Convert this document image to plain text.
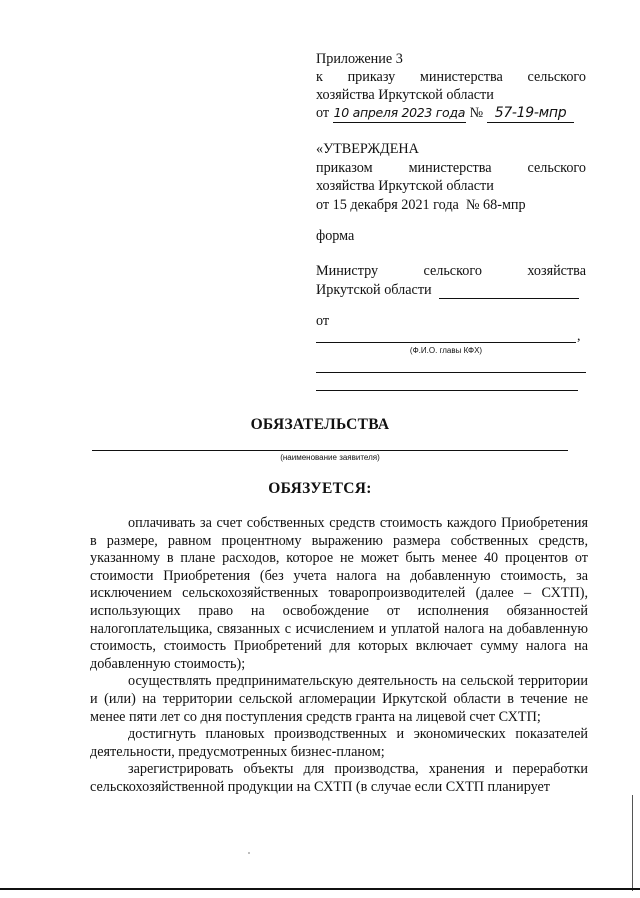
Приложение 3

к приказу министерства сельского

хозяйства Иркутской области

от 10 апреля 2023 года № 57-19-мпр

«УТВЕРЖДЕНА

приказом	министерства	сельского

хозяйства Иркутской области

от 15 декабря 2021 года  № 68-мпр

форма

Министру	сельского	хозяйства

Иркутской области

от
,
(Ф.И.О. главы КФХ)
ОБЯЗАТЕЛЬСТВА
(наименование заявителя)
ОБЯЗУЕТСЯ:

оплачивать за счет собственных средств стоимость каждого Приобретения в размере, равном процентному выражению размера собственных средств, указанному в плане расходов, которое не может быть менее 40 процентов от стоимости Приобретения (без учета налога на добавленную стоимость, за исключением сельскохозяйственных товаропроизводителей (далее – СХТП), использующих право на освобождение от исполнения обязанностей налогоплательщика, связанных с исчислением и уплатой налога на добавленную стоимость, стоимость Приобретений для которых включает сумму налога на добавленную стоимость);

осуществлять предпринимательскую деятельность на сельской территории и (или) на территории сельской агломерации Иркутской области в течение не менее пяти лет со дня поступления средств гранта на лицевой счет СХТП;

достигнуть плановых производственных и экономических показателей деятельности, предусмотренных бизнес-планом;

зарегистрировать объекты для производства, хранения и переработки сельскохозяйственной продукции на СХТП (в случае если СХТП планирует
